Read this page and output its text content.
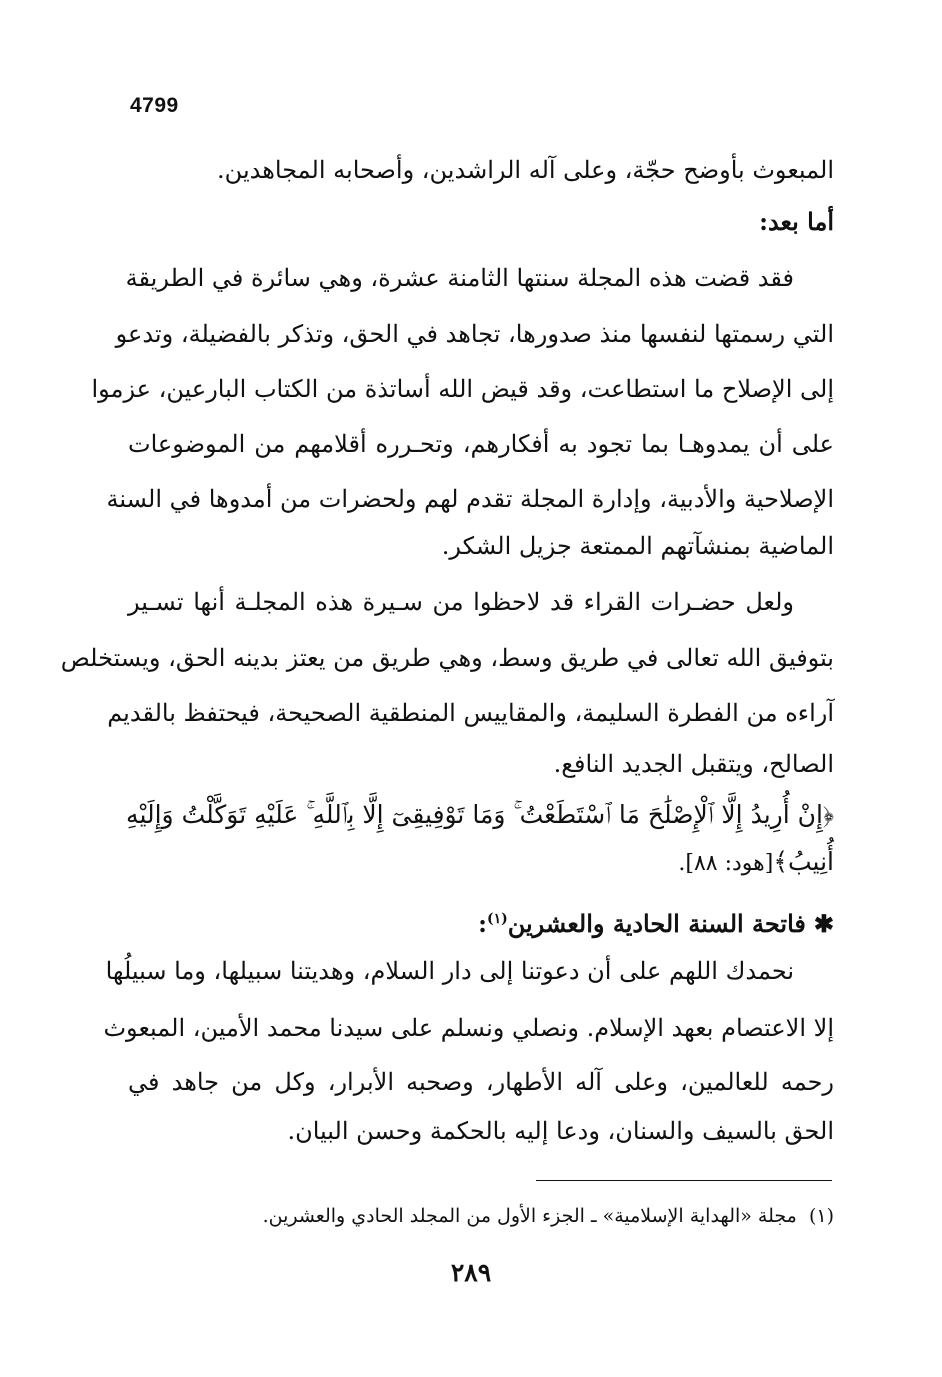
4799
المبعوث بأوضح حجّة، وعلى آله الراشدين، وأصحابه المجاهدين.
أما بعد:
فقد قضت هذه المجلة سنتها الثامنة عشرة، وهي سائرة في الطريقة
التي رسمتها لنفسها منذ صدورها، تجاهد في الحق، وتذكر بالفضيلة، وتدعو
إلى الإصلاح ما استطاعت، وقد قيض الله أساتذة من الكتاب البارعين، عزموا
على أن يمدوهـا بما تجود به أفكارهم، وتحـرره أقلامهم من الموضوعات
الإصلاحية والأدبية، وإدارة المجلة تقدم لهم ولحضرات من أمدوها في السنة
الماضية بمنشآتهم الممتعة جزيل الشكر.
ولعل حضـرات القراء قد لاحظوا من سـيرة هذه المجلـة أنها تسـير
بتوفيق الله تعالى في طريق وسط، وهي طريق من يعتز بدينه الحق، ويستخلص
آراءه من الفطرة السليمة، والمقاييس المنطقية الصحيحة، فيحتفظ بالقديم
الصالح، ويتقبل الجديد النافع.
﴿إِنْ أُرِيدُ إِلَّا ٱلْإِصْلَٰحَ مَا ٱسْتَطَعْتُ ۚ وَمَا تَوْفِيقِىٓ إِلَّا بِٱللَّهِ ۚ عَلَيْهِ تَوَكَّلْتُ وَإِلَيْهِ
أُنِيبُ﴾[هود: ٨٨].
✱فاتحة السنة الحادية والعشرين$^{(١)}$:
نحمدك اللهم على أن دعوتنا إلى دار السلام، وهديتنا سبيلها، وما سبيلُها
إلا الاعتصام بعهد الإسلام. ونصلي ونسلم على سيدنا محمد الأمين، المبعوث
رحمه للعالمين، وعلى آله الأطهار، وصحبه الأبرار، وكل من جاهد في
الحق بالسيف والسنان، ودعا إليه بالحكمة وحسن البيان.
(١)  مجلة «الهداية الإسلامية» ـ الجزء الأول من المجلد الحادي والعشرين.
٢٨٩
